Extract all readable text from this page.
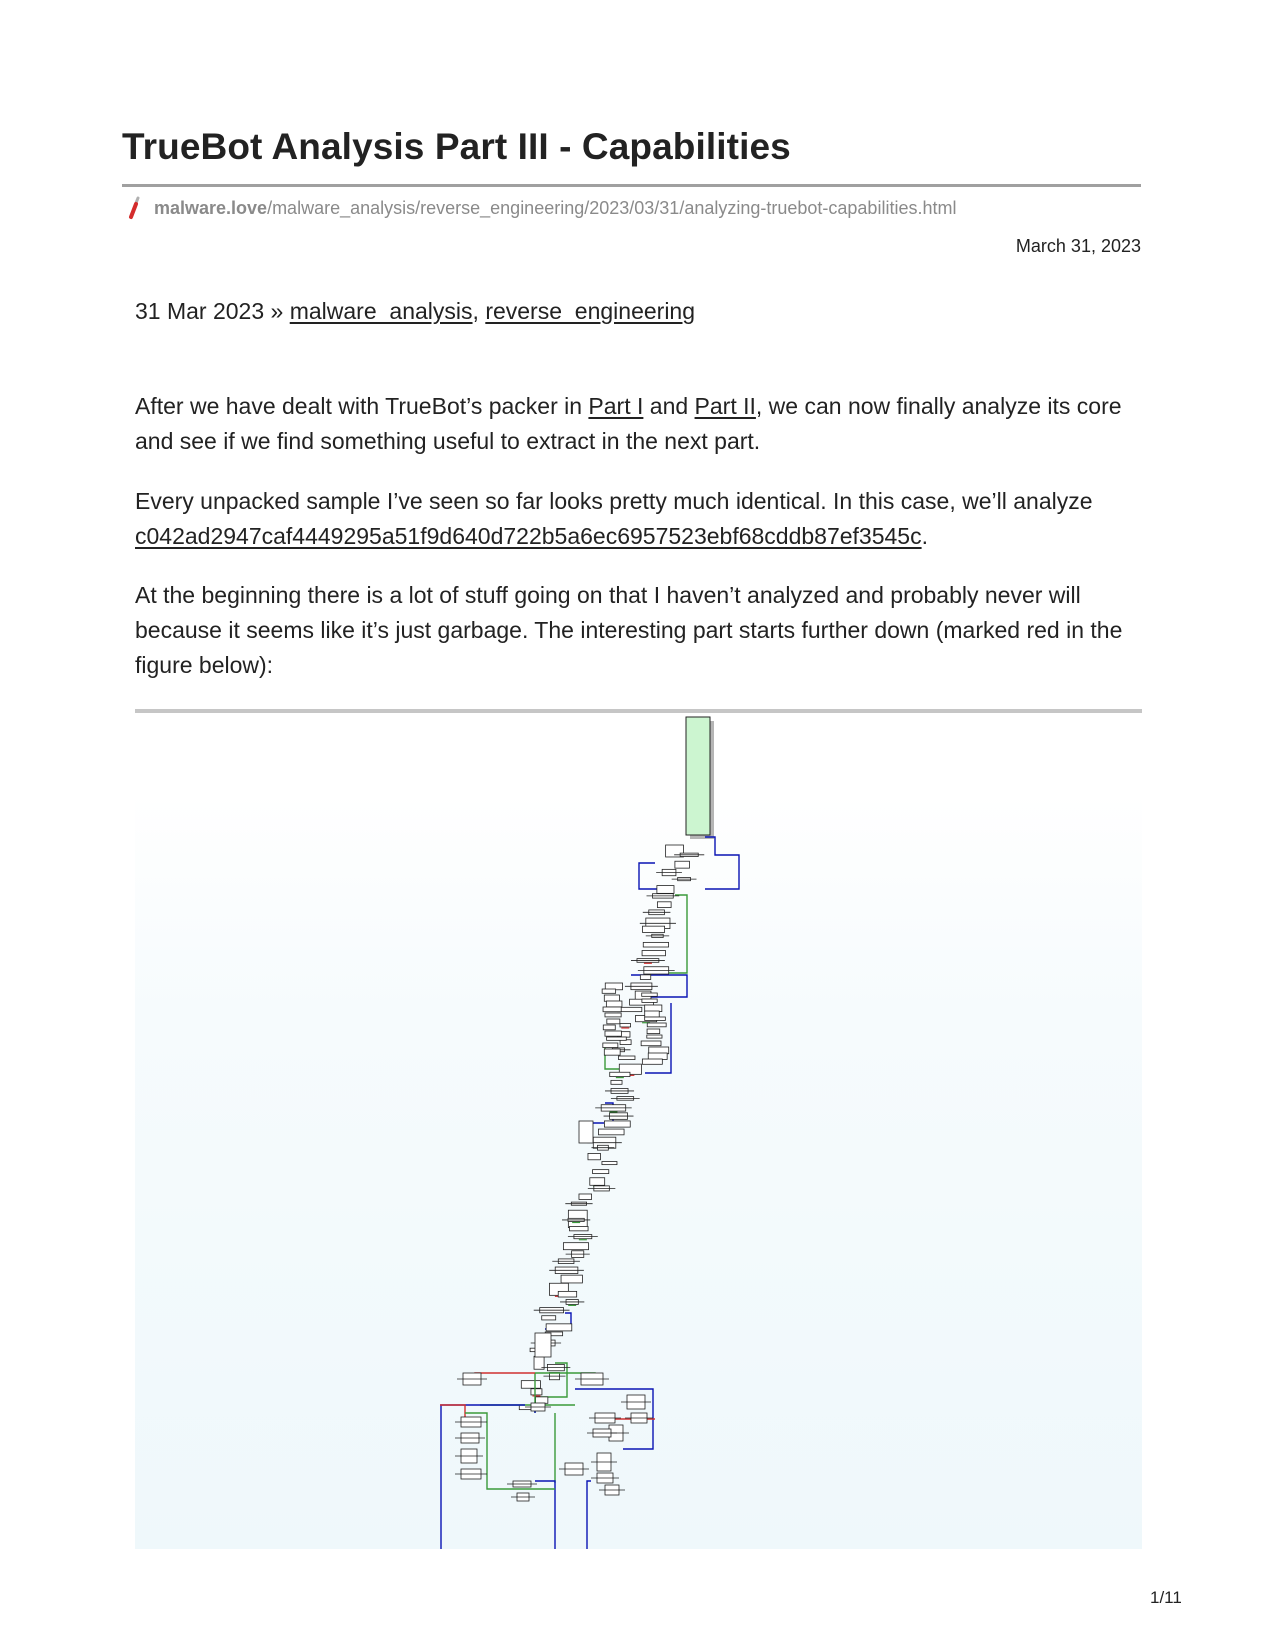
TrueBot Analysis Part III - Capabilities
malware.love/malware_analysis/reverse_engineering/2023/03/31/analyzing-truebot-capabilities.html
March 31, 2023
31 Mar 2023 » malware_analysis, reverse_engineering

After we have dealt with TrueBot’s packer in Part I and Part II, we can now finally analyze its core and see if we find something useful to extract in the next part.

Every unpacked sample I’ve seen so far looks pretty much identical. In this case, we’ll analyze c042ad2947caf4449295a51f9d640d722b5a6ec6957523ebf68cddb87ef3545c.

At the beginning there is a lot of stuff going on that I haven’t analyzed and probably never will because it seems like it’s just garbage. The interesting part starts further down (marked red in the figure below):

1/11
